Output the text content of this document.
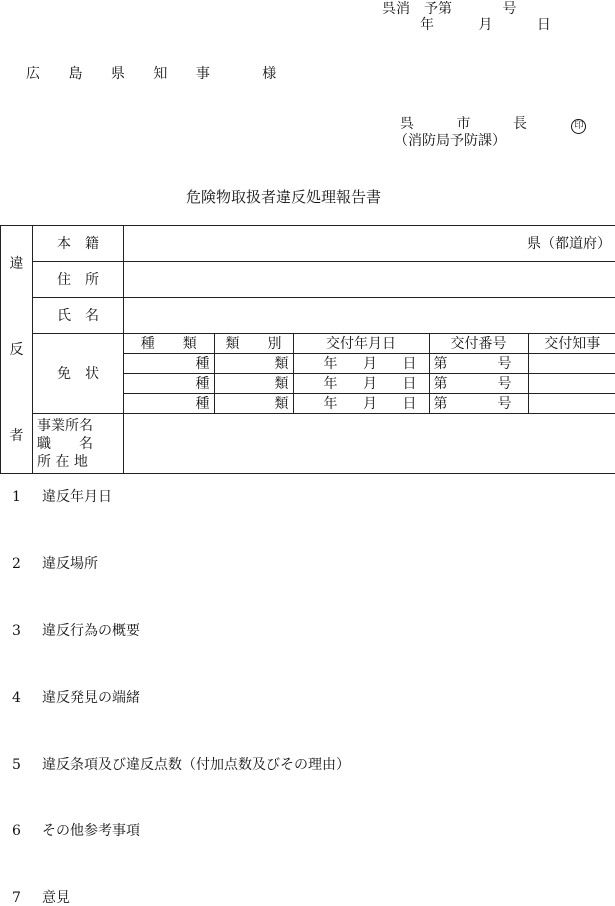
呉消　予第	号
年	月	日
広 島 県 知 事	様
呉	市	長	印
（消防局予防課）
危険物取扱者違反処理報告書
違
反
者
	本　籍	県（都道府）
住　所	
氏　名	
免　状	
種　　類	類　　別	交付年月日	交付番号	交付知事
種	類	年 月 日	第	号

種	類	年 月 日	第	号

種	類	年 月 日	第	号

事業所名
職　　名
所 在 地

1 違反年月日
2 違反場所
3 違反行為の概要
4 違反発見の端緒
5 違反条項及び違反点数（付加点数及びその理由）
6 その他参考事項
7 意見
